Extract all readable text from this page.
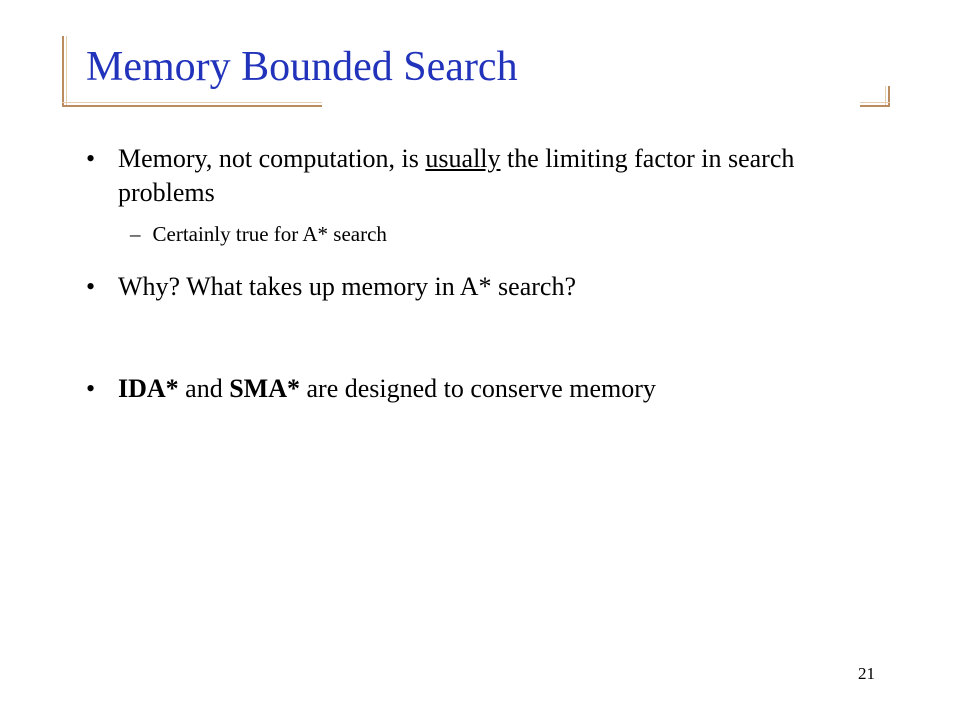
Memory Bounded Search
• Memory, not computation, is usually the limiting factor in search problems
– Certainly true for A* search
• Why? What takes up memory in A* search?
• IDA* and SMA* are designed to conserve memory
21
